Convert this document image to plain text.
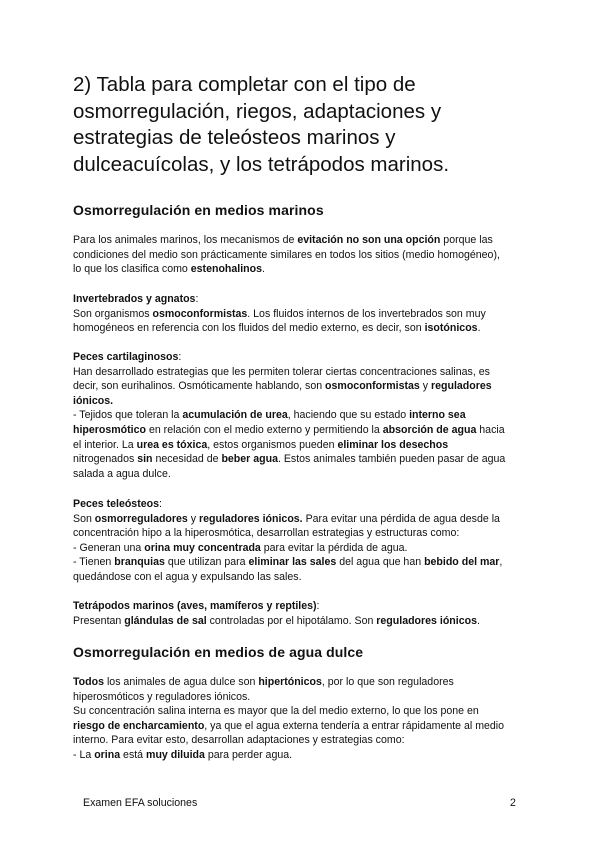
2) Tabla para completar con el tipo de
osmorregulación, riegos, adaptaciones y
estrategias de teleósteos marinos y
dulceacuícolas, y los tetrápodos marinos.
Osmorregulación en medios marinos
Para los animales marinos, los mecanismos de evitación no son una opción porque las
condiciones del medio son prácticamente similares en todos los sitios (medio homogéneo),
lo que los clasifica como estenohalinos.
Invertebrados y agnatos:
Son organismos osmoconformistas. Los fluidos internos de los invertebrados son muy
homogéneos en referencia con los fluidos del medio externo, es decir, son isotónicos.
Peces cartilaginosos:
Han desarrollado estrategias que les permiten tolerar ciertas concentraciones salinas, es
decir, son eurihalinos. Osmóticamente hablando, son osmoconformistas y reguladores
iónicos.
- Tejidos que toleran la acumulación de urea, haciendo que su estado interno sea
hiperosmótico en relación con el medio externo y permitiendo la absorción de agua hacia
el interior. La urea es tóxica, estos organismos pueden eliminar los desechos
nitrogenados sin necesidad de beber agua. Estos animales también pueden pasar de agua
salada a agua dulce.
Peces teleósteos:
Son osmorreguladores y reguladores iónicos. Para evitar una pérdida de agua desde la
concentración hipo a la hiperosmótica, desarrollan estrategias y estructuras como:
- Generan una orina muy concentrada para evitar la pérdida de agua.
- Tienen branquias que utilizan para eliminar las sales del agua que han bebido del mar,
quedándose con el agua y expulsando las sales.
Tetrápodos marinos (aves, mamíferos y reptiles):
Presentan glándulas de sal controladas por el hipotálamo. Son reguladores iónicos.
Osmorregulación en medios de agua dulce
Todos los animales de agua dulce son hipertónicos, por lo que son reguladores
hiperosmóticos y reguladores iónicos.
Su concentración salina interna es mayor que la del medio externo, lo que los pone en
riesgo de encharcamiento, ya que el agua externa tendería a entrar rápidamente al medio
interno. Para evitar esto, desarrollan adaptaciones y estrategias como:
- La orina está muy diluida para perder agua.
Examen EFA soluciones	2
